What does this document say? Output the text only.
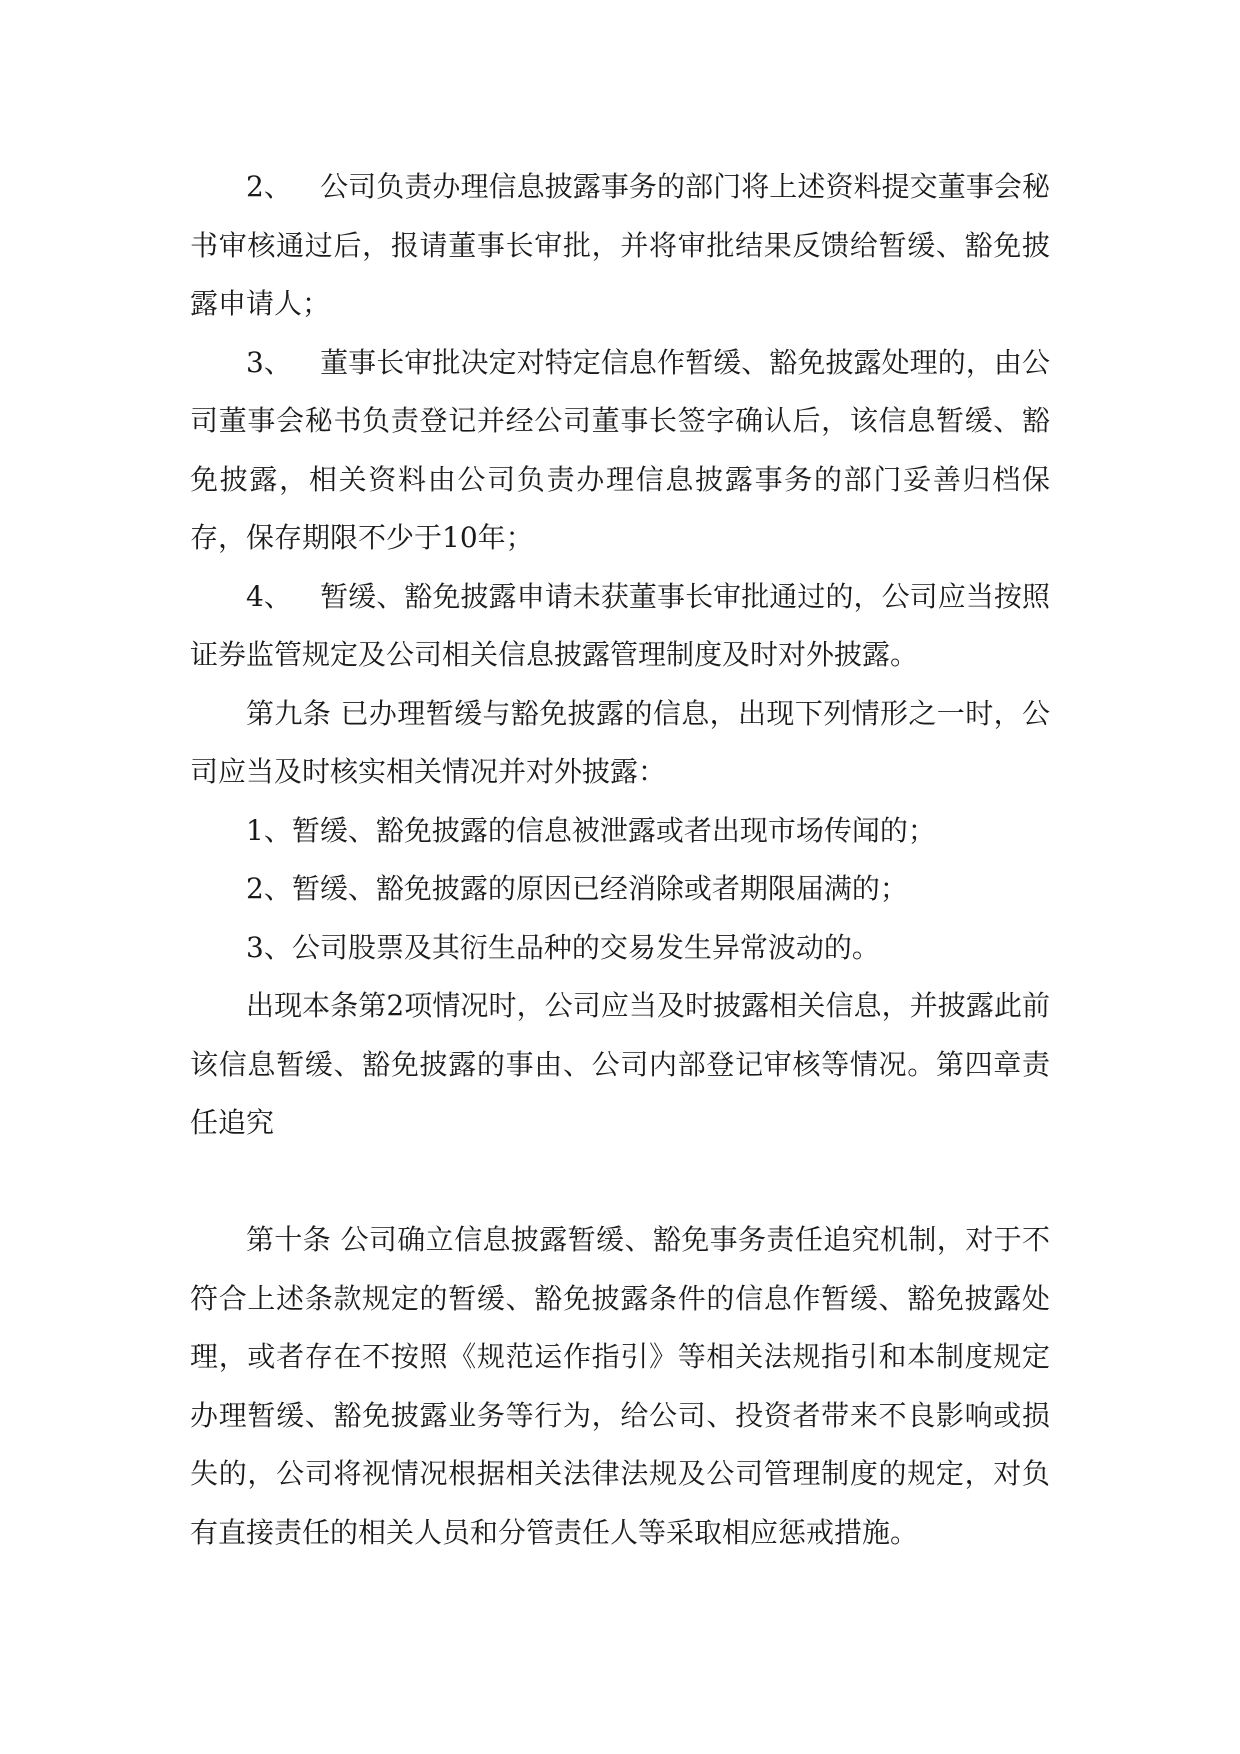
2、 公司负责办理信息披露事务的部门将上述资料提交董事会秘书审核通过后，报请董事长审批，并将审批结果反馈给暂缓、豁免披露申请人；

3、 董事长审批决定对特定信息作暂缓、豁免披露处理的，由公司董事会秘书负责登记并经公司董事长签字确认后，该信息暂缓、豁免披露，相关资料由公司负责办理信息披露事务的部门妥善归档保存，保存期限不少于10年；

4、 暂缓、豁免披露申请未获董事长审批通过的，公司应当按照证券监管规定及公司相关信息披露管理制度及时对外披露。

第九条 已办理暂缓与豁免披露的信息，出现下列情形之一时，公司应当及时核实相关情况并对外披露：

1、暂缓、豁免披露的信息被泄露或者出现市场传闻的；

2、暂缓、豁免披露的原因已经消除或者期限届满的；

3、公司股票及其衍生品种的交易发生异常波动的。

出现本条第2项情况时，公司应当及时披露相关信息，并披露此前该信息暂缓、豁免披露的事由、公司内部登记审核等情况。第四章责任追究

第十条 公司确立信息披露暂缓、豁免事务责任追究机制，对于不符合上述条款规定的暂缓、豁免披露条件的信息作暂缓、豁免披露处理，或者存在不按照《规范运作指引》等相关法规指引和本制度规定办理暂缓、豁免披露业务等行为，给公司、投资者带来不良影响或损失的，公司将视情况根据相关法律法规及公司管理制度的规定，对负有直接责任的相关人员和分管责任人等采取相应惩戒措施。
